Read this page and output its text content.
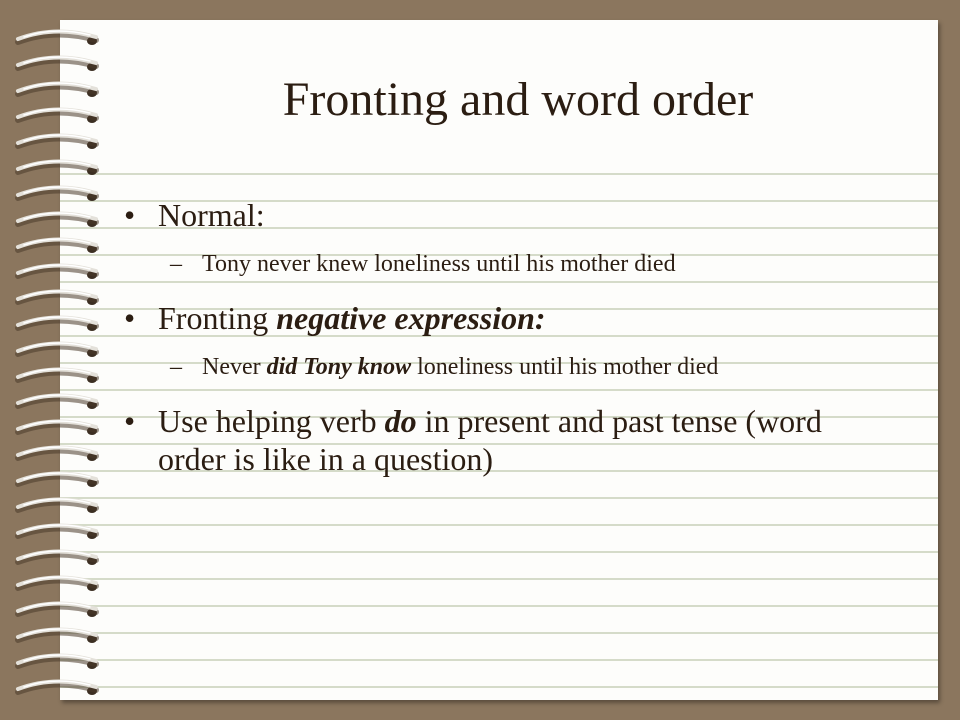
Fronting and word order

• Normal:

– Tony never knew loneliness until his mother died

• Fronting negative expression:

– Never did Tony know loneliness until his mother died

• Use helping verb do in present and past tense (word order is like in a question)
